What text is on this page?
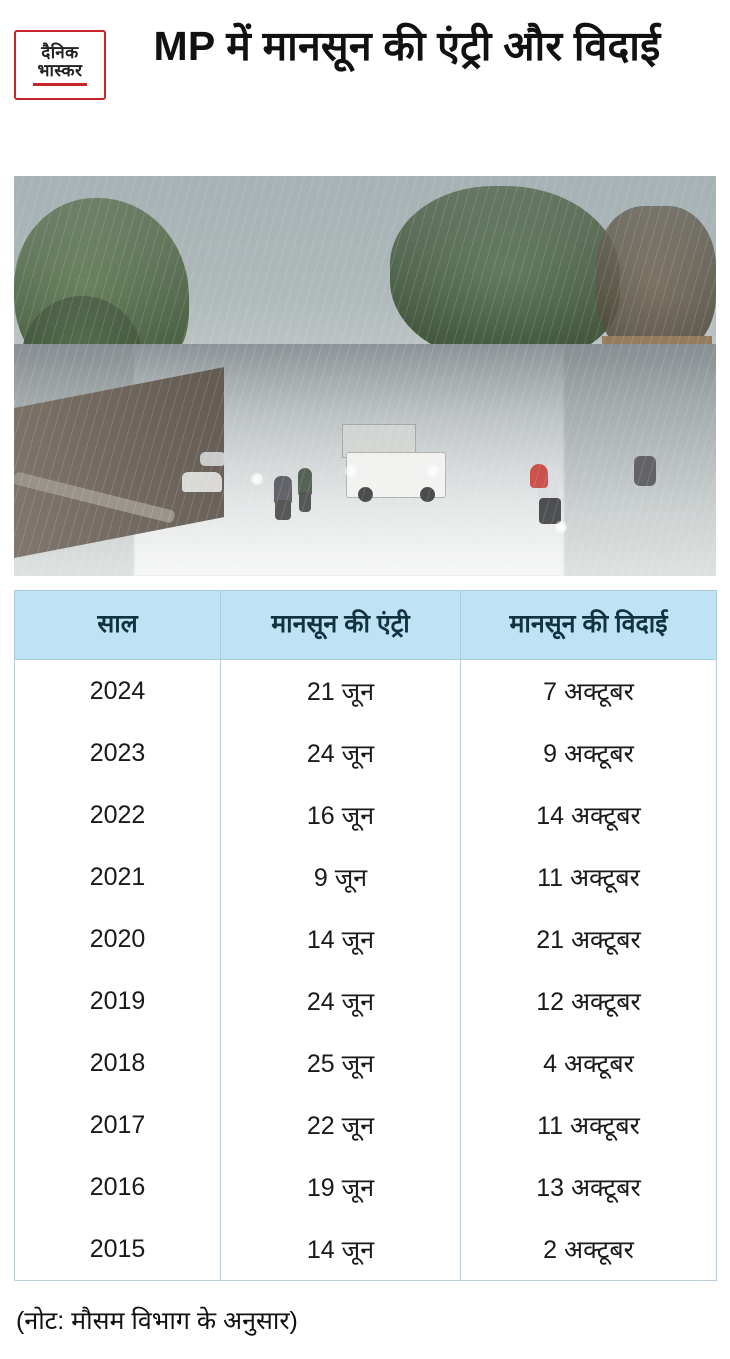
दैनिक
भास्कर
MP में मानसून की एंट्री और विदाई
साल	मानसून की एंट्री	मानसून की विदाई
2024	21 जून	7 अक्टूबर
2023	24 जून	9 अक्टूबर
2022	16 जून	14 अक्टूबर
2021	9 जून	11 अक्टूबर
2020	14 जून	21 अक्टूबर
2019	24 जून	12 अक्टूबर
2018	25 जून	4 अक्टूबर
2017	22 जून	11 अक्टूबर
2016	19 जून	13 अक्टूबर
2015	14 जून	2 अक्टूबर
(नोट: मौसम विभाग के अनुसार)
